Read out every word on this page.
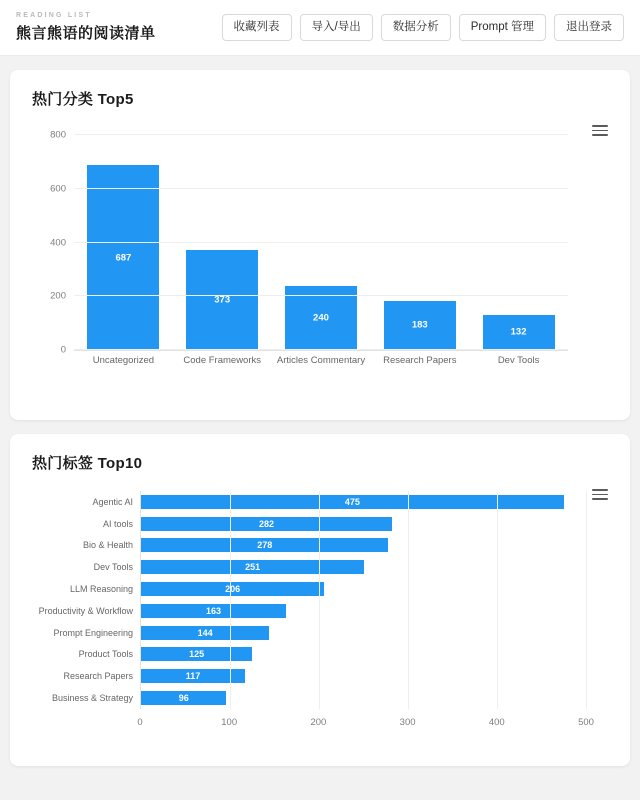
READING LIST
熊言熊语的阅读清单	收藏列表	导入/导出	数据分析	Prompt 管理	退出登录
热门分类 Top5
687
373
240
183
132
0
200
400
600
800
Uncategorized	Code Frameworks	Articles Commentary	Research Papers	Dev Tools
热门标签 Top10
Agentic AI	475
AI tools	282
Bio & Health	278
Dev Tools	251
LLM Reasoning	206
Productivity & Workflow	163
Prompt Engineering	144
Product Tools	125
Research Papers	117
Business & Strategy	96
0	100	200	300	400	500
